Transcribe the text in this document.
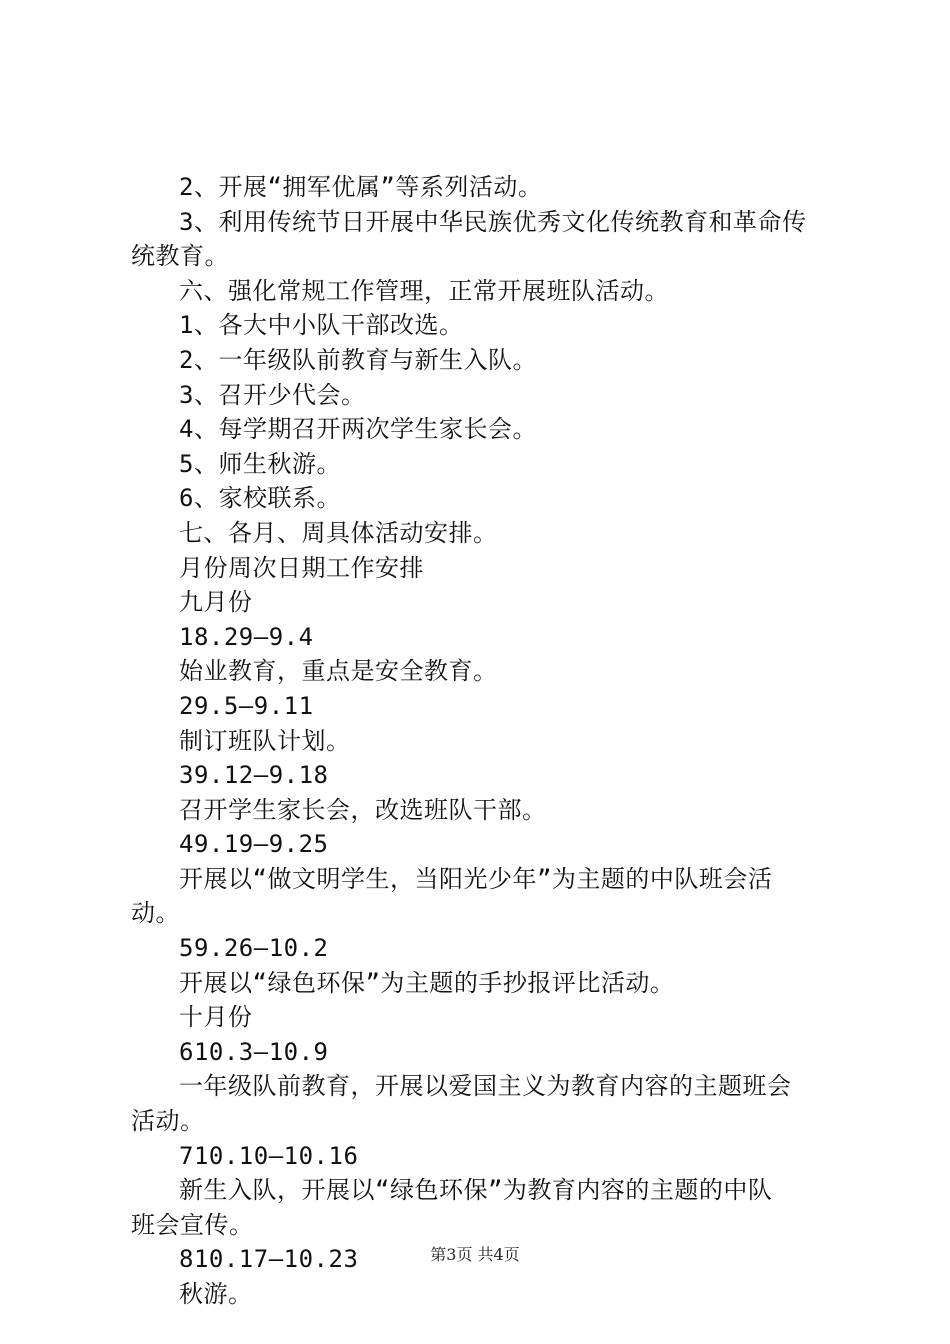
2、开展“拥军优属”等系列活动。
3、利用传统节日开展中华民族优秀文化传统教育和革命传
统教育。
六、强化常规工作管理，正常开展班队活动。
1、各大中小队干部改选。
2、一年级队前教育与新生入队。
3、召开少代会。
4、每学期召开两次学生家长会。
5、师生秋游。
6、家校联系。
七、各月、周具体活动安排。
月份周次日期工作安排
九月份
18.29—9.4
始业教育，重点是安全教育。
29.5—9.11
制订班队计划。
39.12—9.18
召开学生家长会，改选班队干部。
49.19—9.25
开展以“做文明学生，当阳光少年”为主题的中队班会活
动。
59.26—10.2
开展以“绿色环保”为主题的手抄报评比活动。
十月份
610.3—10.9
一年级队前教育，开展以爱国主义为教育内容的主题班会
活动。
710.10—10.16
新生入队，开展以“绿色环保”为教育内容的主题的中队
班会宣传。
810.17—10.23
秋游。
第3页 共4页
